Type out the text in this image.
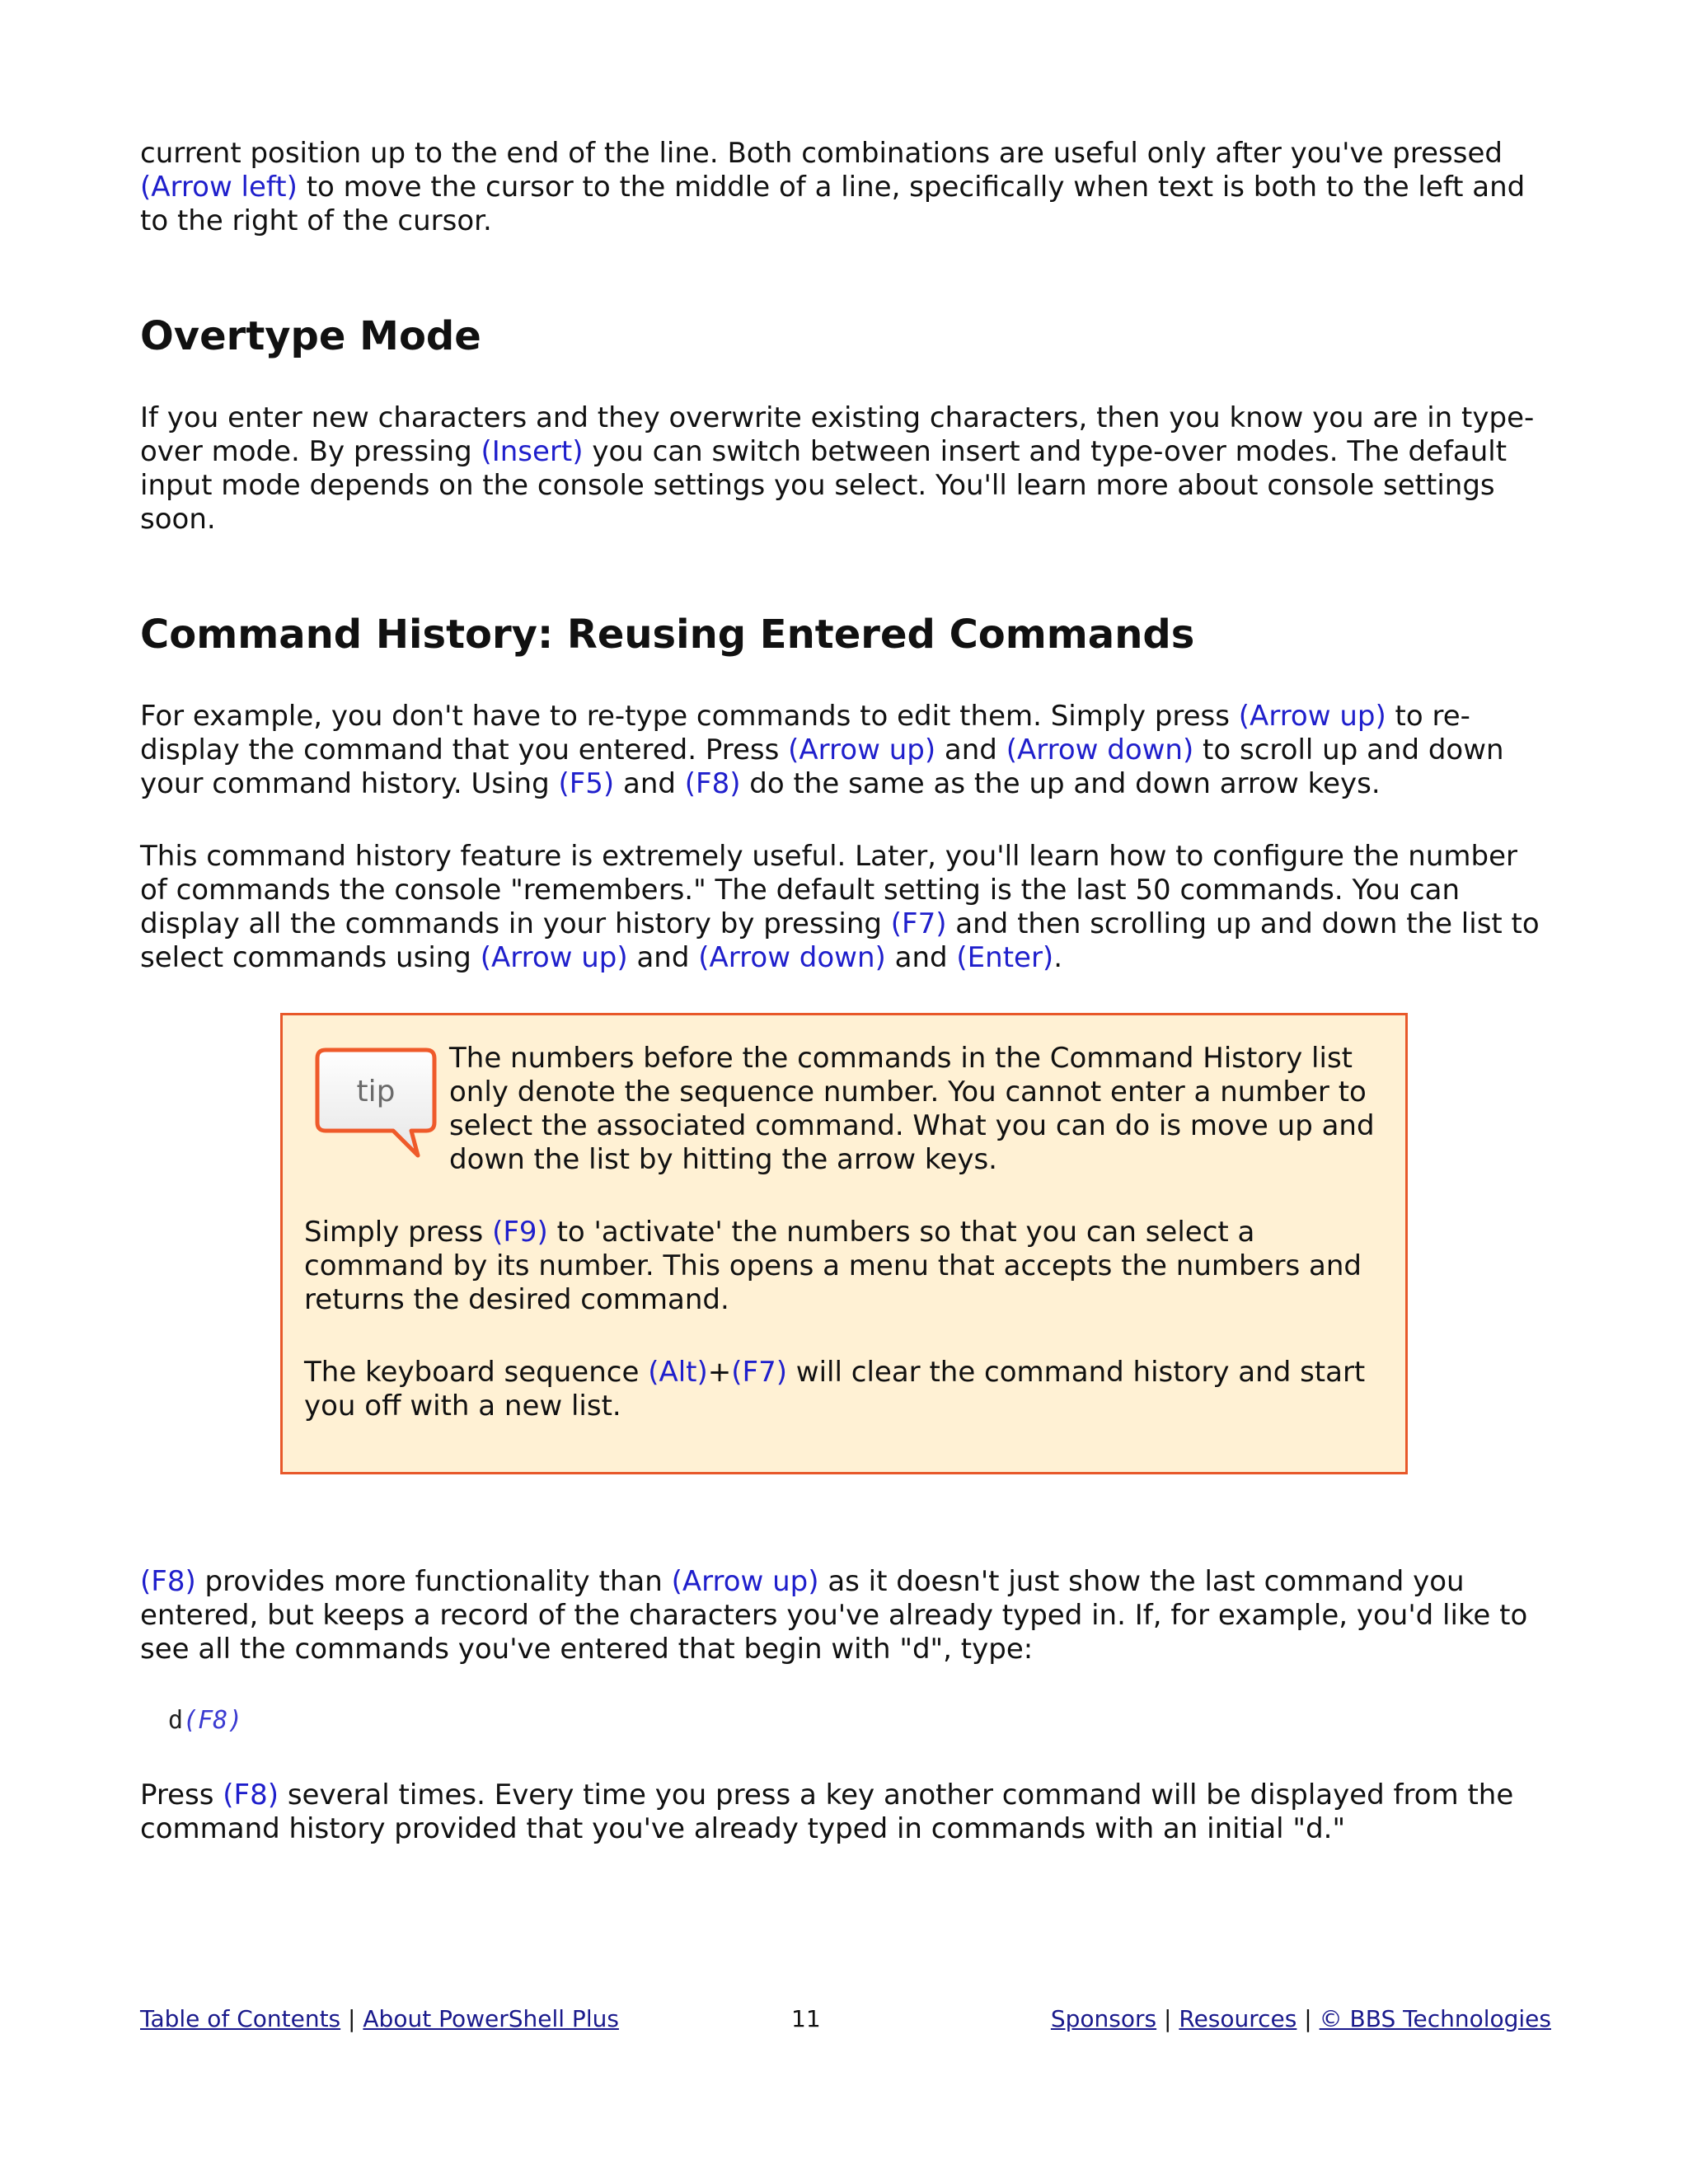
current position up to the end of the line. Both combinations are useful only after you've pressed (Arrow left) to move the cursor to the middle of a line, specifically when text is both to the left and to the right of the cursor.

Overtype Mode

If you enter new characters and they overwrite existing characters, then you know you are in type-over mode. By pressing (Insert) you can switch between insert and type-over modes. The default input mode depends on the console settings you select. You'll learn more about console settings soon.

Command History: Reusing Entered Commands

For example, you don't have to re-type commands to edit them. Simply press (Arrow up) to re-display the command that you entered. Press (Arrow up) and (Arrow down) to scroll up and down your command history. Using (F5) and (F8) do the same as the up and down arrow keys.

This command history feature is extremely useful. Later, you'll learn how to configure the number of commands the console "remembers." The default setting is the last 50 commands. You can display all the commands in your history by pressing (F7) and then scrolling up and down the list to select commands using (Arrow up) and (Arrow down) and (Enter).

tip

The numbers before the commands in the Command History list only denote the sequence number. You cannot enter a number to select the associated command. What you can do is move up and down the list by hitting the arrow keys.

Simply press (F9) to 'activate' the numbers so that you can select a command by its number. This opens a menu that accepts the numbers and returns the desired command.

The keyboard sequence (Alt)+(F7) will clear the command history and start you off with a new list.

(F8) provides more functionality than (Arrow up) as it doesn't just show the last command you entered, but keeps a record of the characters you've already typed in. If, for example, you'd like to see all the commands you've entered that begin with "d", type:

d(F8)

Press (F8) several times. Every time you press a key another command will be displayed from the command history provided that you've already typed in commands with an initial "d."

Table of Contents | About PowerShell Plus	11	Sponsors | Resources | © BBS Technologies
